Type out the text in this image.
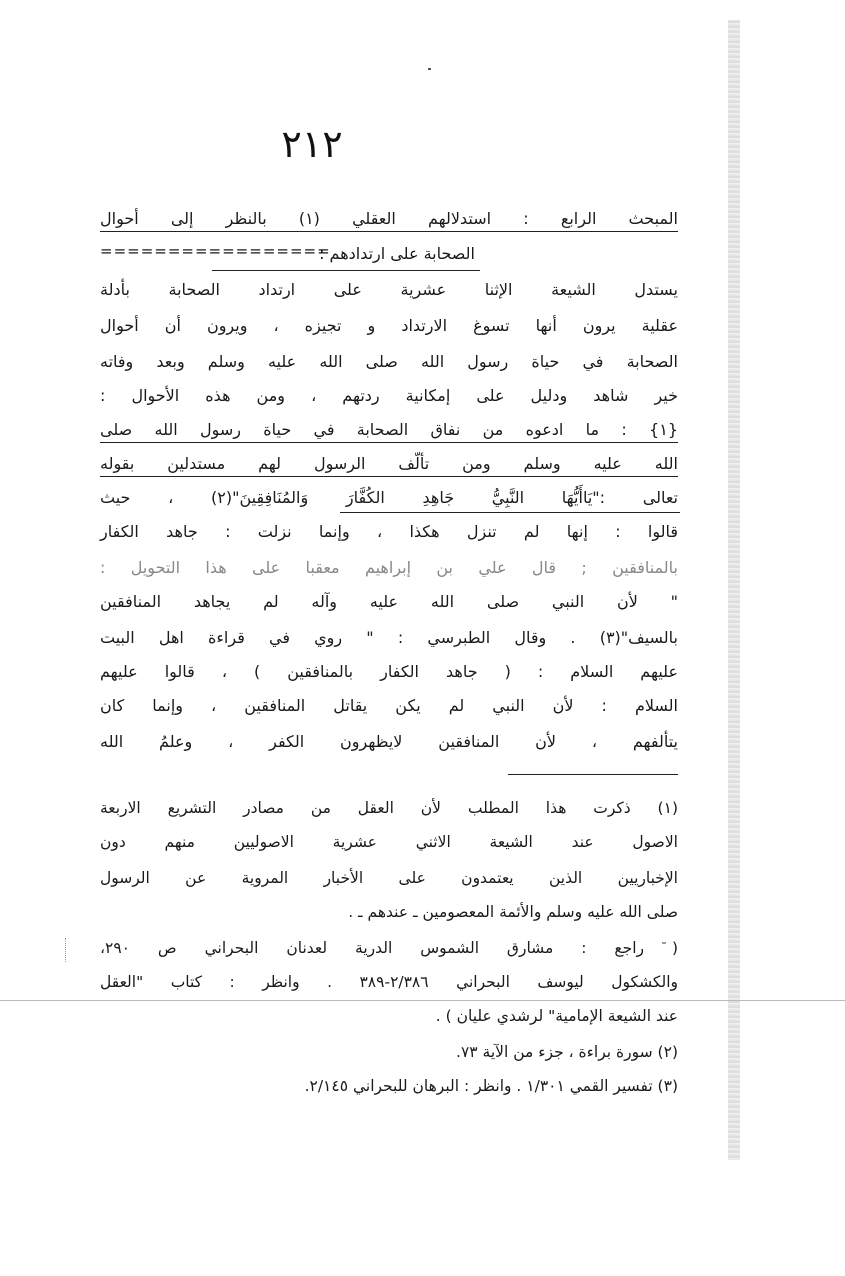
٢١٢
المبحث الرابع : استدلالهم العقلي (١) بالنظر إلى أحوال
=================
الصحابة على ارتدادهم :
يستدل الشيعة الإثنا عشرية على ارتداد الصحابة بأدلة
عقلية يرون أنها تسوغ الارتداد و تجيزه ، ويرون أن أحوال
الصحابة في حياة رسول الله صلى الله عليه وسلم وبعد وفاته
خير شاهد ودليل على إمكانية ردتهم ، ومن هذه الأحوال :
{١} : ما ادعوه من نفاق الصحابة في حياة رسول الله صلى
الله عليه وسلم ومن تألّف الرسول لهم مستدلين بقوله
تعالى :"يَاأَيُّهَا النَّبِيُّ جَاهِدِ الكُفَّارَ وَالمُنَافِقِينَ"(٢) ، حيث
قالوا : إنها لم تنزل هكذا ، وإنما نزلت : جاهد الكفار
بالمنافقين ; قال علي بن إبراهيم معقبا على هذا التحويل :
" لأن النبي صلى الله عليه وآله لم يجاهد المنافقين
بالسيف"(٣) . وقال الطبرسي : " روي في قراءة اهل البيت
عليهم السلام : ( جاهد الكفار بالمنافقين ) ، قالوا عليهم
السلام : لأن النبي لم يكن يقاتل المنافقين ، وإنما كان
يتألفهم ، لأن المنافقين لايظهرون الكفر ، وعلمُ الله
(١) ذكرت هذا المطلب لأن العقل من مصادر التشريع الاربعة
الاصول عند الشيعة الاثني عشرية الاصوليين منهم دون
الإخباريين الذين يعتمدون على الأخبار المروية عن الرسول
صلى الله عليه وسلم والأئمة المعصومين ـ عندهم ـ .
( راجع : مشارق الشموس الدرية لعدنان البحراني ص ٢٩٠،
والكشكول ليوسف البحراني ٢/٣٨٦-٣٨٩ . وانظر : كتاب "العقل
عند الشيعة الإمامية" لرشدي عليان ) .
(٢) سورة براءة ، جزء من الآية ٧٣.
(٣) تفسير القمي ١/٣٠١ . وانظر : البرهان للبحراني ٢/١٤٥.
